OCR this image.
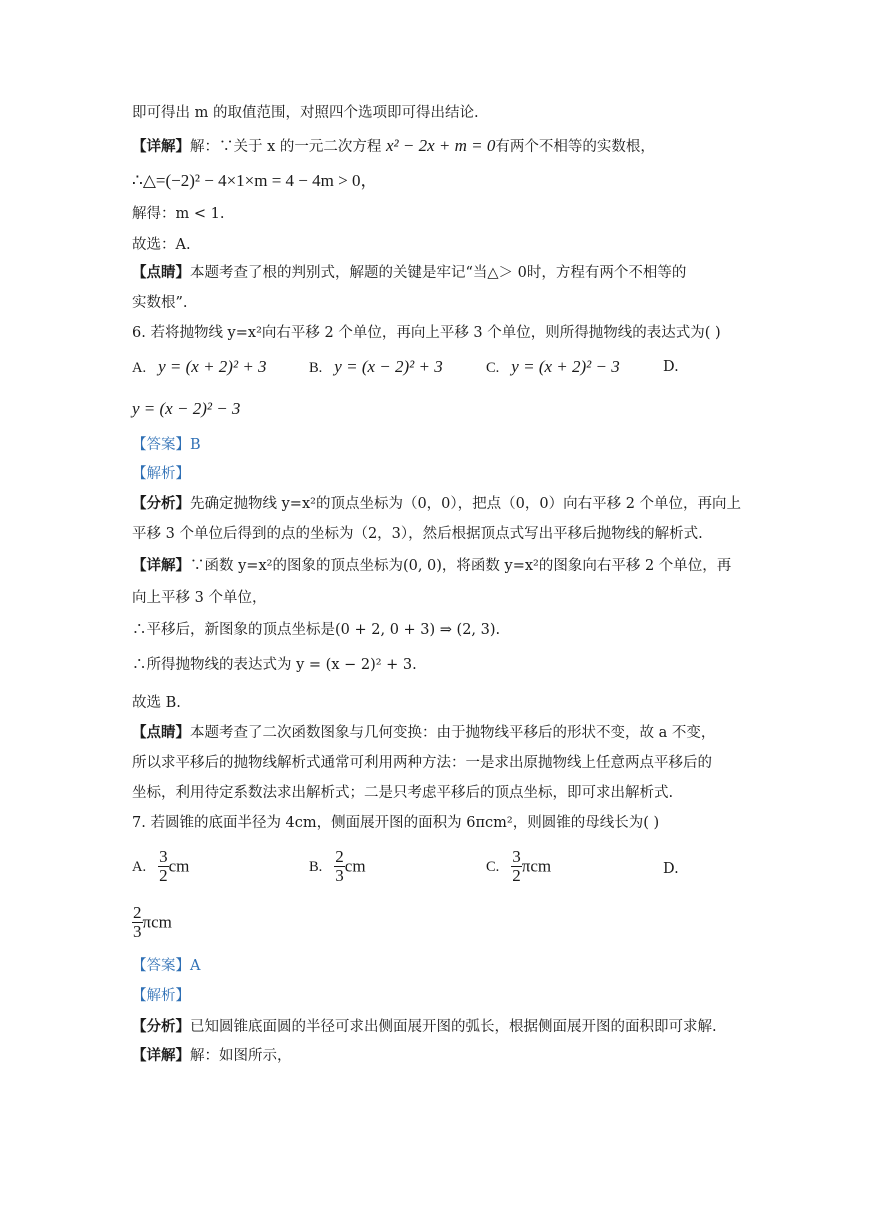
即可得出 m 的取值范围，对照四个选项即可得出结论.
【详解】解：∵关于 x 的一元二次方程 x² − 2x + m = 0有两个不相等的实数根，
∴△=(−2)² − 4×1×m = 4 − 4m > 0，
解得：m < 1.
故选：A.
【点睛】本题考查了根的判别式，解题的关键是牢记“当△＞ 0时，方程有两个不相等的
实数根”.
6. 若将抛物线 y=x²向右平移 2 个单位，再向上平移 3 个单位，则所得抛物线的表达式为( )
A. y = (x + 2)² + 3	B. y = (x − 2)² + 3	C. y = (x + 2)² − 3	D.
y = (x − 2)² − 3
【答案】B
【解析】
【分析】先确定抛物线 y=x²的顶点坐标为（0，0），把点（0，0）向右平移 2 个单位，再向上
平移 3 个单位后得到的点的坐标为（2，3），然后根据顶点式写出平移后抛物线的解析式.
【详解】∵函数 y=x²的图象的顶点坐标为(0, 0)，将函数 y=x²的图象向右平移 2 个单位，再
向上平移 3 个单位，
∴平移后，新图象的顶点坐标是(0 + 2, 0 + 3) ⇒ (2, 3).
∴所得抛物线的表达式为 y = (x − 2)² + 3.
故选 B.
【点睛】本题考查了二次函数图象与几何变换：由于抛物线平移后的形状不变，故 a 不变，
所以求平移后的抛物线解析式通常可利用两种方法：一是求出原抛物线上任意两点平移后的
坐标，利用待定系数法求出解析式；二是只考虑平移后的顶点坐标，即可求出解析式.
7. 若圆锥的底面半径为 4cm，侧面展开图的面积为 6πcm²，则圆锥的母线长为( )
A. $\frac{3}{2}$ cm	B. $\frac{2}{3}$ cm	C. $\frac{3}{2}$ πcm	D.
$\frac{2}{3}$ πcm
【答案】A
【解析】
【分析】已知圆锥底面圆的半径可求出侧面展开图的弧长，根据侧面展开图的面积即可求解.
【详解】解：如图所示，
